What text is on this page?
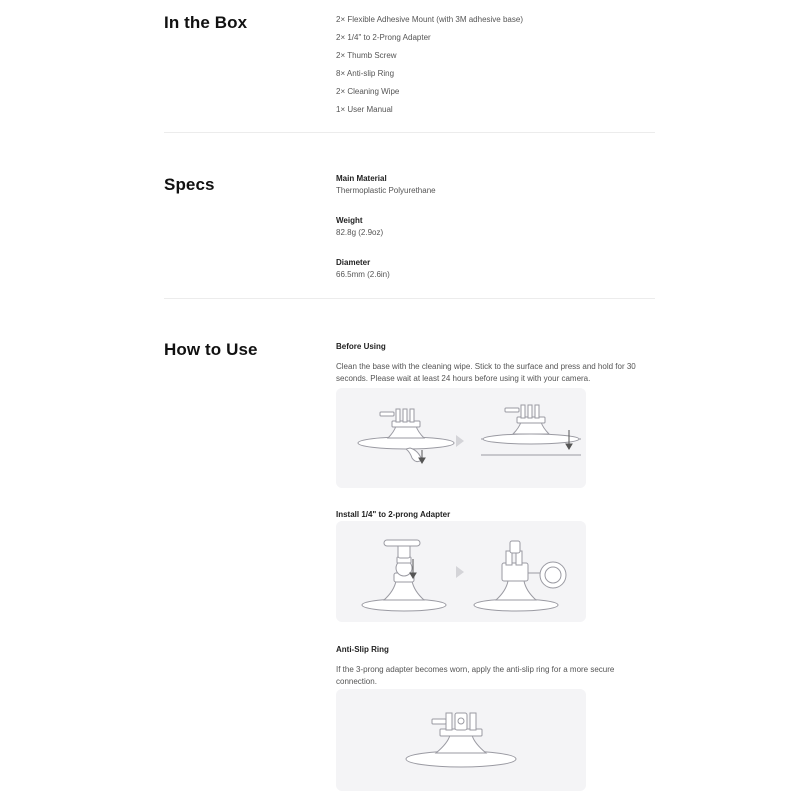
In the Box	2× Flexible Adhesive Mount (with 3M adhesive base)
2× 1/4" to 2-Prong Adapter
2× Thumb Screw
8× Anti-slip Ring
2× Cleaning Wipe
1× User Manual
Specs	Main Material
Thermoplastic Polyurethane
Weight
82.8g (2.9oz)
Diameter
66.5mm (2.6in)
How to Use	Before Using
Clean the base with the cleaning wipe. Stick to the surface and press and hold for 30 seconds. Please wait at least 24 hours before using it with your camera.
Install 1/4" to 2-prong Adapter
Anti-Slip Ring
If the 3-prong adapter becomes worn, apply the anti-slip ring for a more secure connection.
